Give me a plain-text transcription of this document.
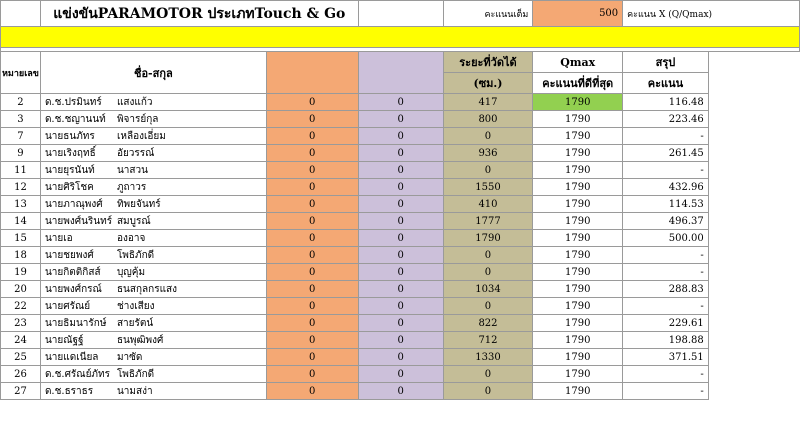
	แข่งขันPARAMOTOR ประเภทTouch & Go			คะแนนเต็ม	500	คะแนน X (Q/Qmax)	

หมายเลข	ชื่อ-สกุล			ระยะที่วัดได้	Qmax	สรุป	
				(ซม.)	คะแนนที่ดีที่สุด	คะแนน	
2	ด.ช.ปรมินทร์ แสงแก้ว	0	0	417	1790	116.48	
3	ด.ช.ชญานนท์ พิจารย์กุล	0	0	800	1790	223.46	
7	นายธนภัทร เหลืองเอี่ยม	0	0	0	1790	-	
9	นายเริงฤทธิ์ อัยวรรณ์	0	0	936	1790	261.45	
11	นายยุรนันท์ นาสวน	0	0	0	1790	-	
12	นายศิริโชค ภูถาวร	0	0	1550	1790	432.96	
13	นายภาณุพงศ์ ทิพยจันทร์	0	0	410	1790	114.53	
14	นายพงศ์นรินทร์ สมบูรณ์	0	0	1777	1790	496.37	
15	นายเอ องอาจ	0	0	1790	1790	500.00	
18	นายชยพงศ์ โพธิภักดี	0	0	0	1790	-	
19	นายกิตติกิสส์ บุญคุ้ม	0	0	0	1790	-	
20	นายพงศ์กรณ์ ธนสกุลกรแสง	0	0	1034	1790	288.83	
22	นายศรัณย์ ช่างเสียง	0	0	0	1790	-	
23	นายธิมนารักษ์ สายรัตน์	0	0	822	1790	229.61	
24	นายณัฐฐ์ ธนพุฒิพงศ์	0	0	712	1790	198.88	
25	นายแดเนียล มาซัด	0	0	1330	1790	371.51	
26	ด.ช.ศรัณย์ภัทร โพธิภักดี	0	0	0	1790	-	
27	ด.ช.ธราธร นามสง่า	0	0	0	1790	-	
